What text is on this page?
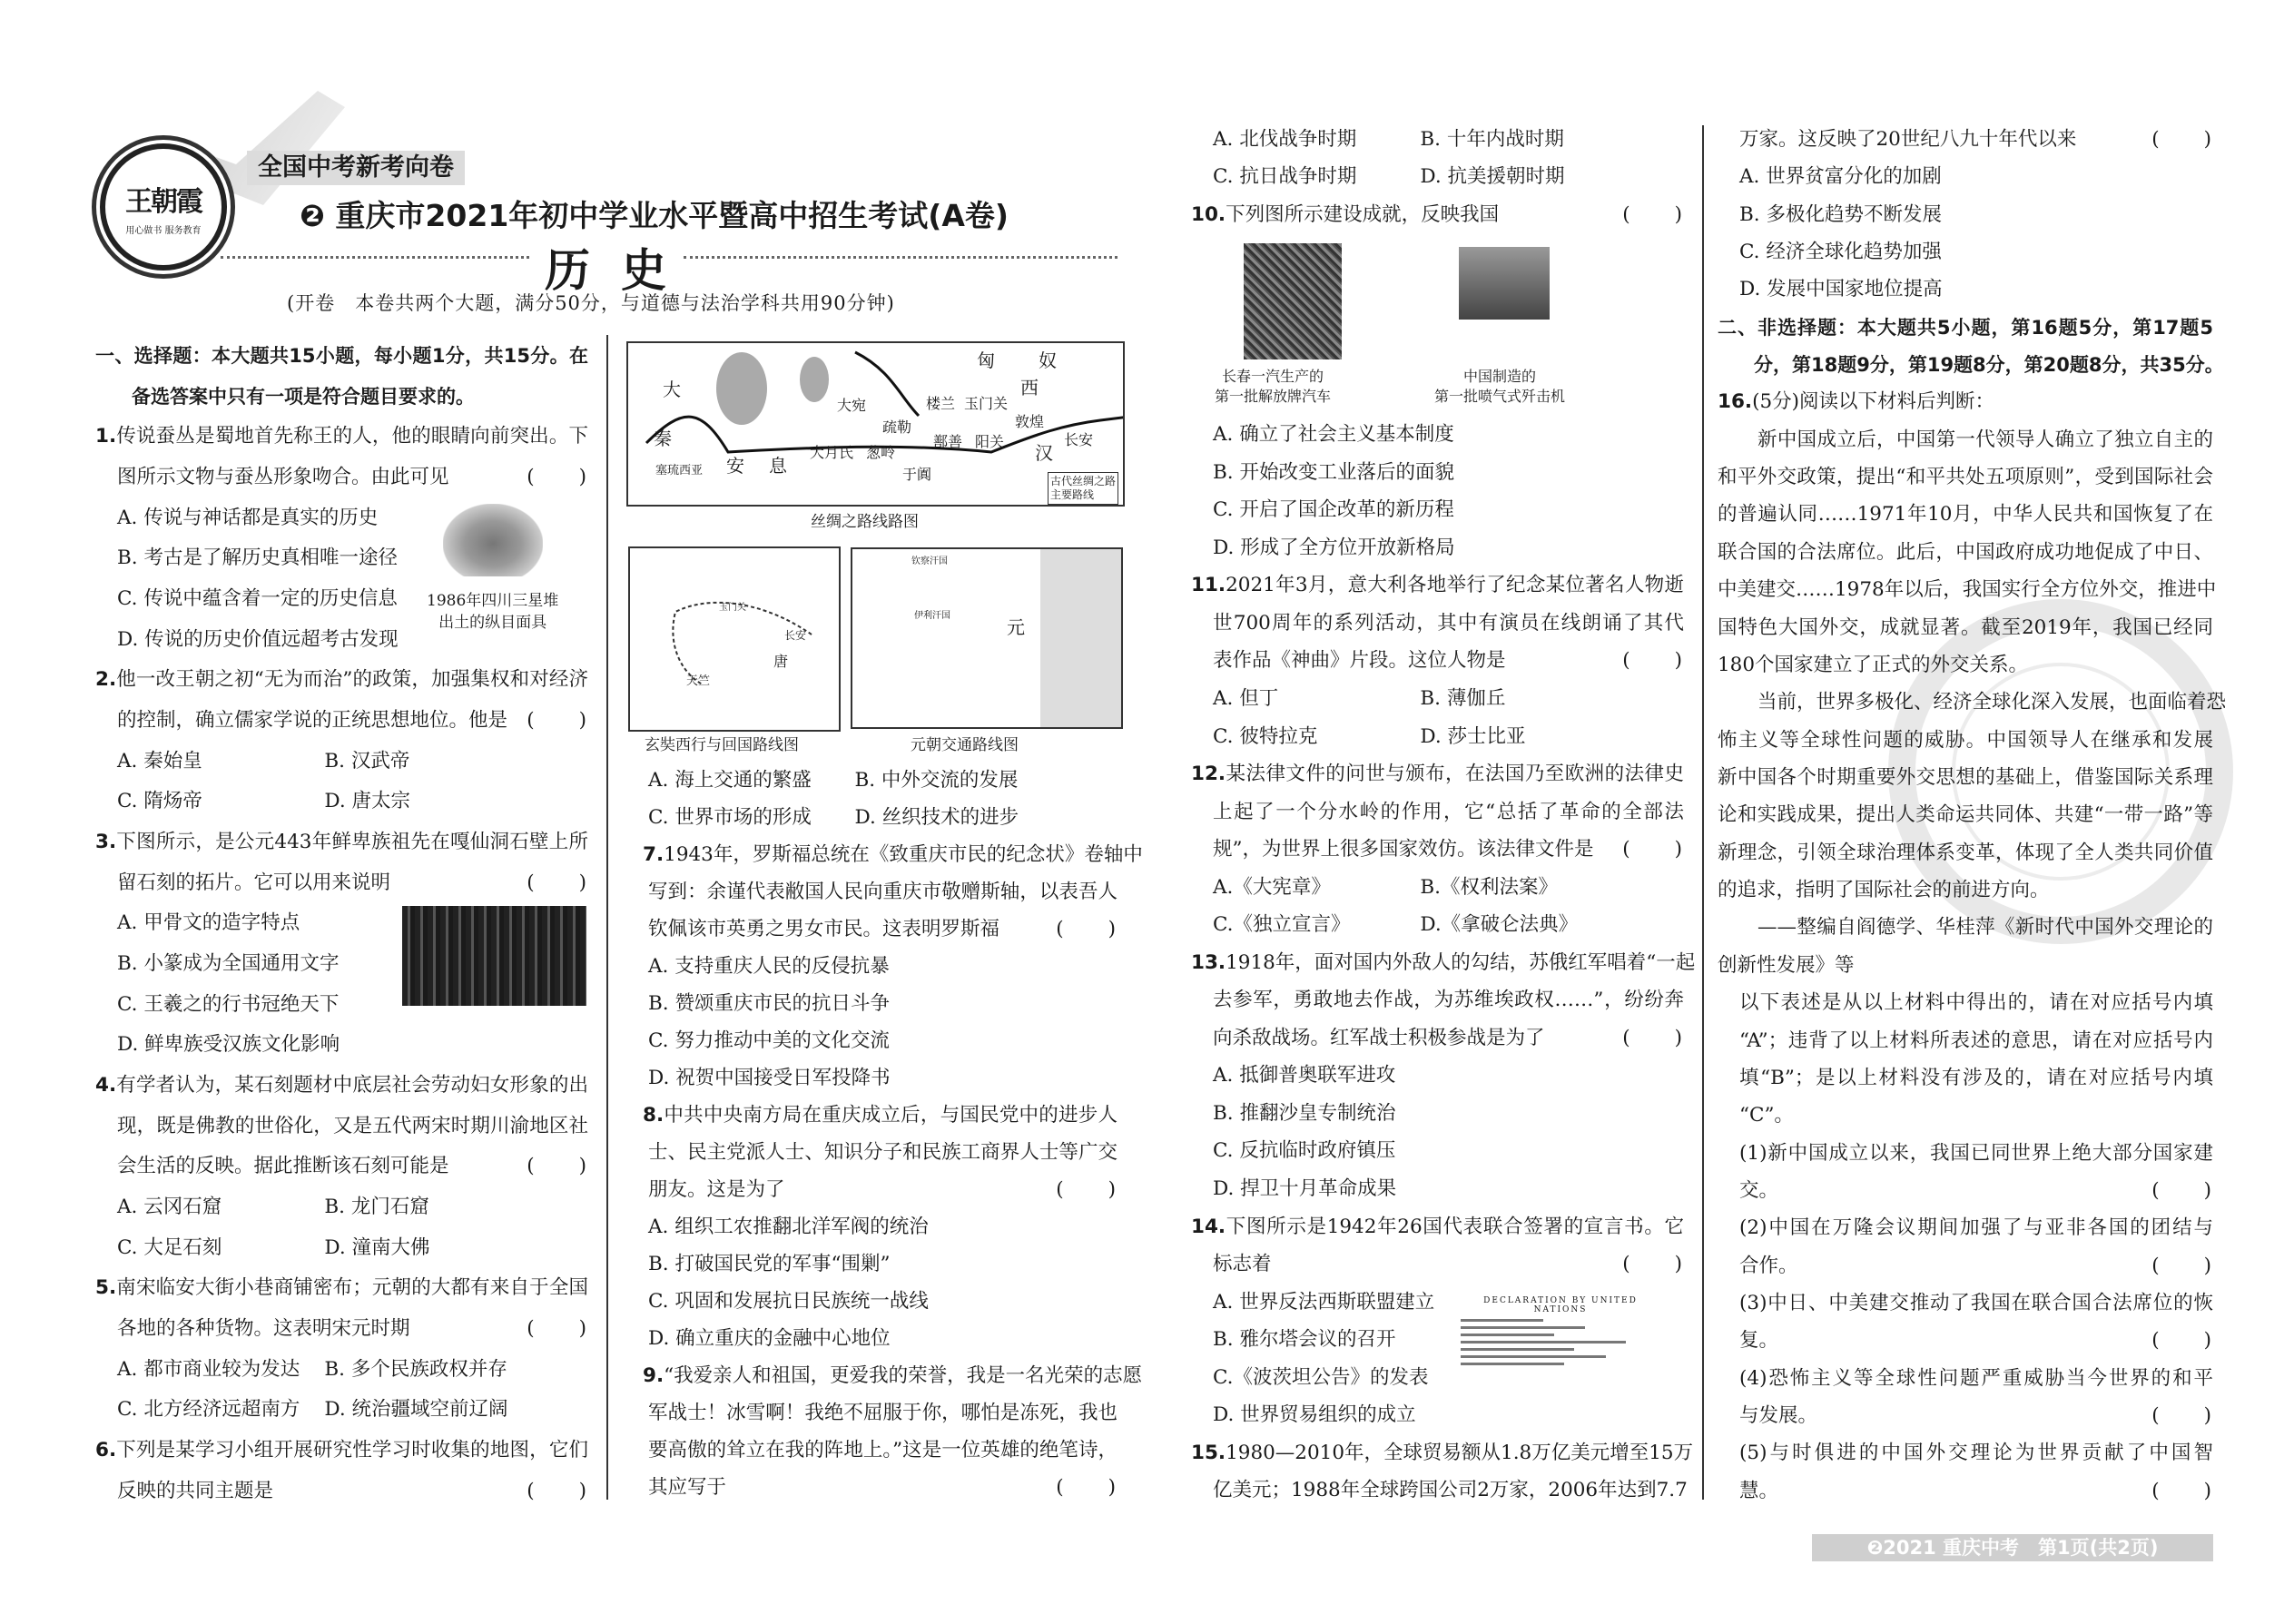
王朝霞
用心做书 服务教育
全国中考新考向卷
❷ 重庆市2021年初中学业水平暨高中招生考试(A卷)
历史
(开卷　本卷共两个大题，满分50分，与道德与法治学科共用90分钟)
1986年四川三星堆
出土的纵目面具
匈 奴
西
汉
长安
大
秦
安 息
大宛
疏勒
葱岭
大月氏
于阗
楼兰 玉门关
敦煌
阳关
鄯善
塞琉西亚
古代丝绸之路
主要路线
丝绸之路线路图
长安
唐
天竺
玉门关
玄奘西行与回国路线图
元
钦察汗国
伊利汗国
元朝交通路线图
长春一汽生产的
第一批解放牌汽车
中国制造的
第一批喷气式歼击机
DECLARATION BY UNITED NATIONS
一、选择题：本大题共15小题，每小题1分，共15分。在
备选答案中只有一项是符合题目要求的。
1.传说蚕丛是蜀地首先称王的人，他的眼睛向前突出。下
图所示文物与蚕丛形象吻合。由此可见	(　　)
A. 传说与神话都是真实的历史
B. 考古是了解历史真相唯一途径
C. 传说中蕴含着一定的历史信息
D. 传说的历史价值远超考古发现
2.他一改王朝之初“无为而治”的政策，加强集权和对经济
的控制，确立儒家学说的正统思想地位。他是 (　　)
A. 秦始皇	B. 汉武帝
C. 隋炀帝	D. 唐太宗
3.下图所示，是公元443年鲜卑族祖先在嘎仙洞石壁上所
留石刻的拓片。它可以用来说明	(　　)
A. 甲骨文的造字特点
B. 小篆成为全国通用文字
C. 王羲之的行书冠绝天下
D. 鲜卑族受汉族文化影响
4.有学者认为，某石刻题材中底层社会劳动妇女形象的出
现，既是佛教的世俗化，又是五代两宋时期川渝地区社
会生活的反映。据此推断该石刻可能是	(　　)
A. 云冈石窟	B. 龙门石窟
C. 大足石刻	D. 潼南大佛
5.南宋临安大街小巷商铺密布；元朝的大都有来自于全国
各地的各种货物。这表明宋元时期	(　　)
A. 都市商业较为发达 B. 多个民族政权并存
C. 北方经济远超南方 D. 统治疆域空前辽阔
6.下列是某学习小组开展研究性学习时收集的地图，它们
反映的共同主题是	(　　)
A. 海上交通的繁盛 B. 中外交流的发展
C. 世界市场的形成 D. 丝织技术的进步
7.1943年，罗斯福总统在《致重庆市民的纪念状》卷轴中
写到：余谨代表敝国人民向重庆市敬赠斯轴，以表吾人
钦佩该市英勇之男女市民。这表明罗斯福	(　　)
A. 支持重庆人民的反侵抗暴
B. 赞颂重庆市民的抗日斗争
C. 努力推动中美的文化交流
D. 祝贺中国接受日军投降书
8.中共中央南方局在重庆成立后，与国民党中的进步人
士、民主党派人士、知识分子和民族工商界人士等广交
朋友。这是为了	(　　)
A. 组织工农推翻北洋军阀的统治
B. 打破国民党的军事“围剿”
C. 巩固和发展抗日民族统一战线
D. 确立重庆的金融中心地位
9.“我爱亲人和祖国，更爱我的荣誉，我是一名光荣的志愿
军战士！冰雪啊！我绝不屈服于你，哪怕是冻死，我也
要高傲的耸立在我的阵地上。”这是一位英雄的绝笔诗，
其应写于	(　　)
A. 北伐战争时期	B. 十年内战时期
C. 抗日战争时期	D. 抗美援朝时期
10.下列图所示建设成就，反映我国	(　　)
A. 确立了社会主义基本制度
B. 开始改变工业落后的面貌
C. 开启了国企改革的新历程
D. 形成了全方位开放新格局
11.2021年3月，意大利各地举行了纪念某位著名人物逝
世700周年的系列活动，其中有演员在线朗诵了其代
表作品《神曲》片段。这位人物是	(　　)
A. 但丁	B. 薄伽丘
C. 彼特拉克	D. 莎士比亚
12.某法律文件的问世与颁布，在法国乃至欧洲的法律史
上起了一个分水岭的作用，它“总括了革命的全部法
规”，为世界上很多国家效仿。该法律文件是	(　　)
A.《大宪章》	B.《权利法案》
C.《独立宣言》	D.《拿破仑法典》
13.1918年，面对国内外敌人的勾结，苏俄红军唱着“一起
去参军，勇敢地去作战，为苏维埃政权……”，纷纷奔
向杀敌战场。红军战士积极参战是为了	(　　)
A. 抵御普奥联军进攻
B. 推翻沙皇专制统治
C. 反抗临时政府镇压
D. 捍卫十月革命成果
14.下图所示是1942年26国代表联合签署的宣言书。它
标志着	(　　)
A. 世界反法西斯联盟建立
B. 雅尔塔会议的召开
C.《波茨坦公告》的发表
D. 世界贸易组织的成立
15.1980—2010年，全球贸易额从1.8万亿美元增至15万
亿美元；1988年全球跨国公司2万家，2006年达到7.7
万家。这反映了20世纪八九十年代以来	(　　)
A. 世界贫富分化的加剧
B. 多极化趋势不断发展
C. 经济全球化趋势加强
D. 发展中国家地位提高
二、非选择题：本大题共5小题，第16题5分，第17题5
分，第18题9分，第19题8分，第20题8分，共35分。
16.(5分)阅读以下材料后判断：
新中国成立后，中国第一代领导人确立了独立自主的
和平外交政策，提出“和平共处五项原则”，受到国际社会
的普遍认同……1971年10月，中华人民共和国恢复了在
联合国的合法席位。此后，中国政府成功地促成了中日、
中美建交……1978年以后，我国实行全方位外交，推进中
国特色大国外交，成就显著。截至2019年，我国已经同
180个国家建立了正式的外交关系。
当前，世界多极化、经济全球化深入发展，也面临着恐
怖主义等全球性问题的威胁。中国领导人在继承和发展
新中国各个时期重要外交思想的基础上，借鉴国际关系理
论和实践成果，提出人类命运共同体、共建“一带一路”等
新理念，引领全球治理体系变革，体现了全人类共同价值
的追求，指明了国际社会的前进方向。
——整编自阎德学、华桂萍《新时代中国外交理论的
创新性发展》等
以下表述是从以上材料中得出的，请在对应括号内填
“A”；违背了以上材料所表述的意思，请在对应括号内
填“B”；是以上材料没有涉及的，请在对应括号内填
“C”。
(1)新中国成立以来，我国已同世界上绝大部分国家建
交。	(　　)
(2)中国在万隆会议期间加强了与亚非各国的团结与
合作。	(　　)
(3)中日、中美建交推动了我国在联合国合法席位的恢
复。	(　　)
(4)恐怖主义等全球性问题严重威胁当今世界的和平
与发展。	(　　)
(5)与时俱进的中国外交理论为世界贡献了中国智
慧。	(　　)
❷2021 重庆中考　第1页(共2页)
